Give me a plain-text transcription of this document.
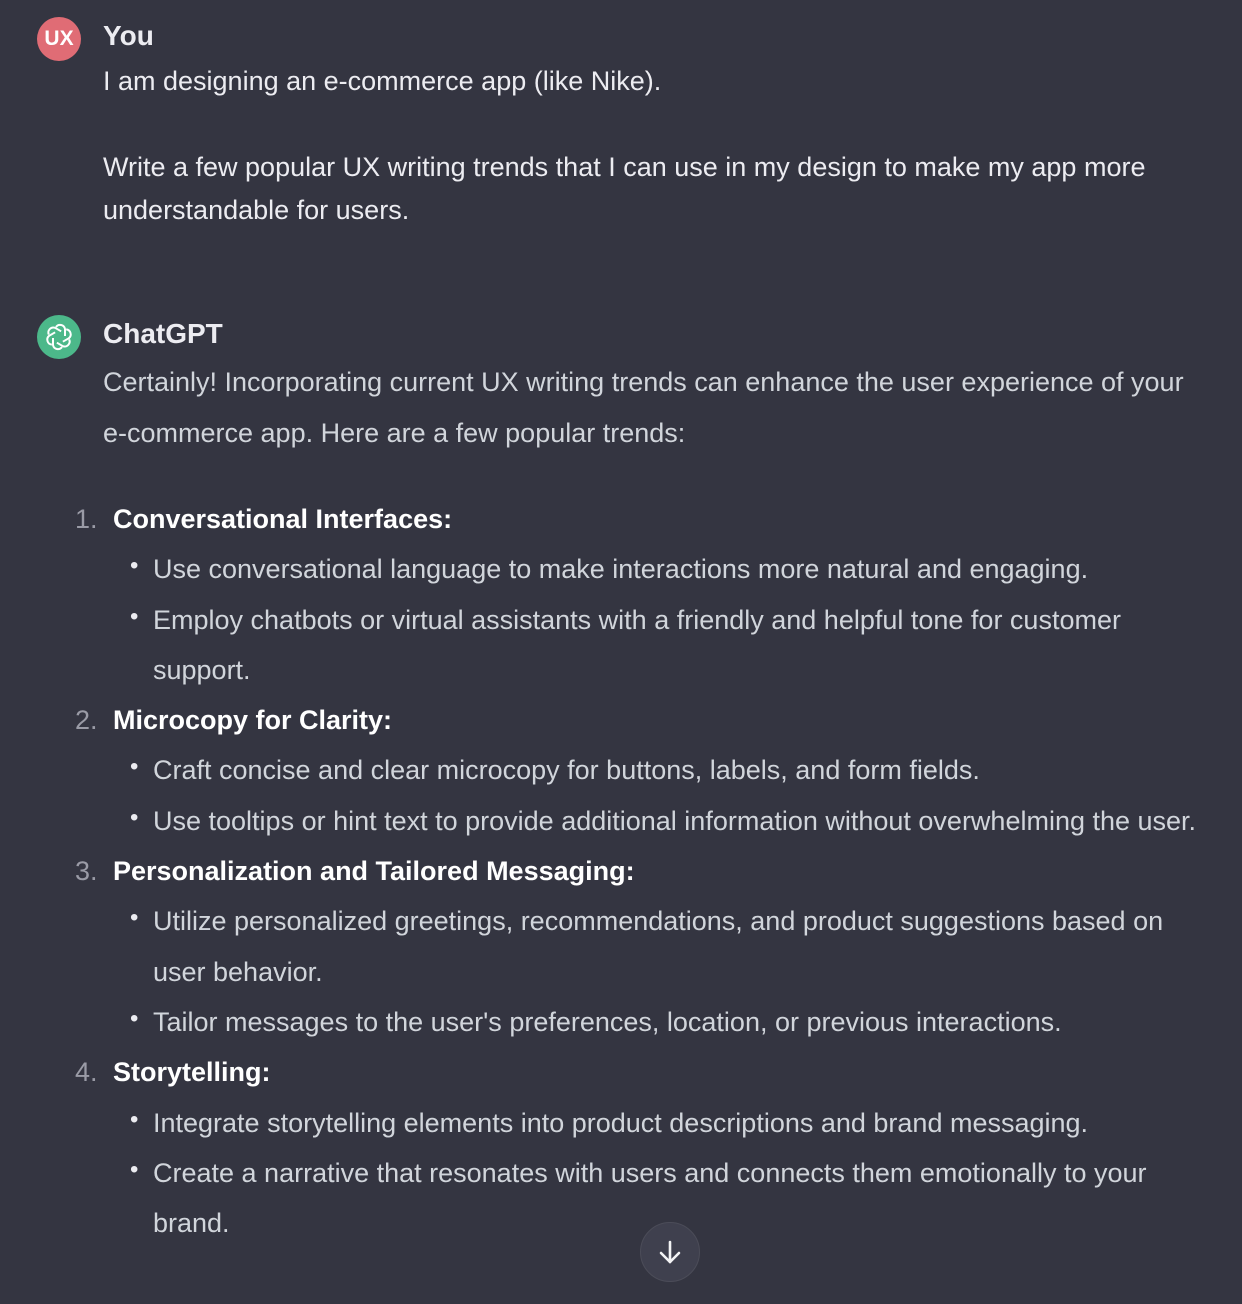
UX You

I am designing an e-commerce app (like Nike).

Write a few popular UX writing trends that I can use in my design to make my app more understandable for users.

ChatGPT

Certainly! Incorporating current UX writing trends can enhance the user experience of your e-commerce app. Here are a few popular trends:

1. Conversational Interfaces:
• Use conversational language to make interactions more natural and engaging.
• Employ chatbots or virtual assistants with a friendly and helpful tone for customer support.
2. Microcopy for Clarity:
• Craft concise and clear microcopy for buttons, labels, and form fields.
• Use tooltips or hint text to provide additional information without overwhelming the user.
3. Personalization and Tailored Messaging:
• Utilize personalized greetings, recommendations, and product suggestions based on user behavior.
• Tailor messages to the user's preferences, location, or previous interactions.
4. Storytelling:
• Integrate storytelling elements into product descriptions and brand messaging.
• Create a narrative that resonates with users and connects them emotionally to your brand.
